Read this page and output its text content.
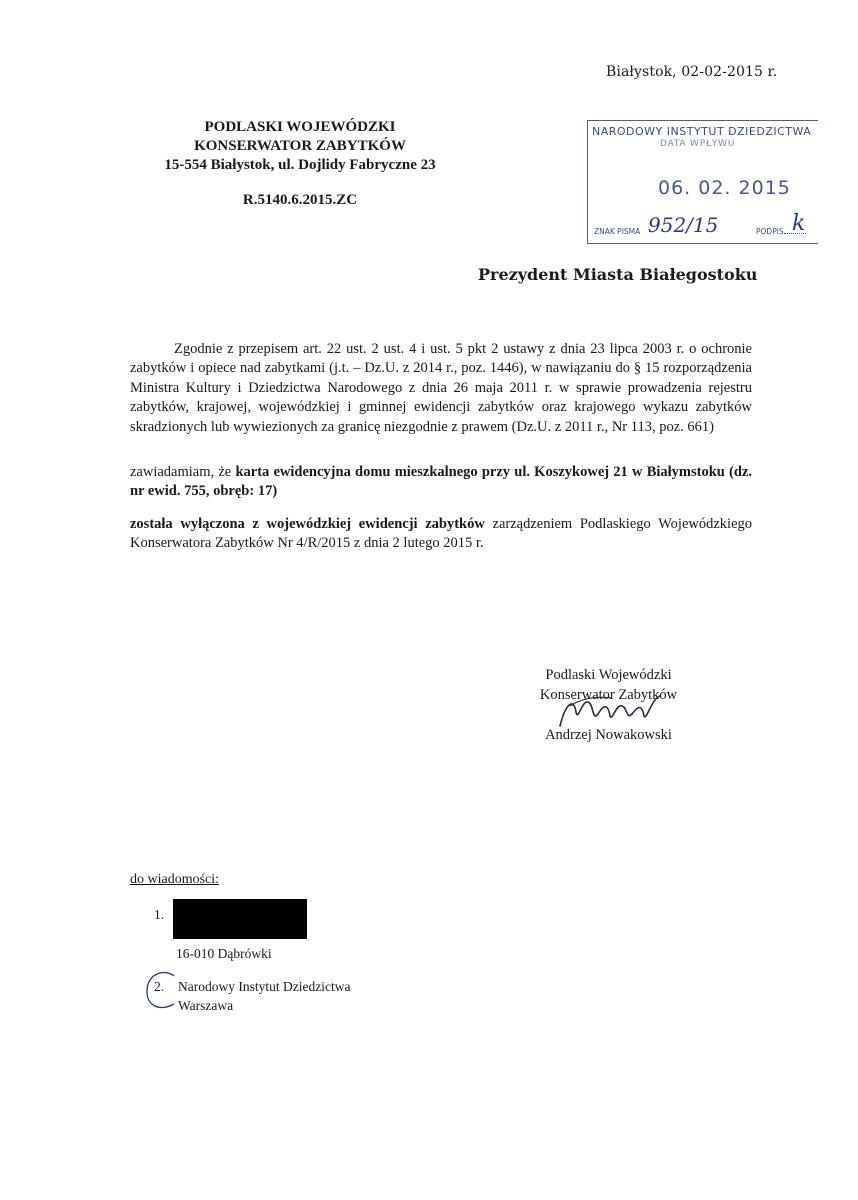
Białystok, 02-02-2015 r.
PODLASKI WOJEWÓDZKI
KONSERWATOR ZABYTKÓW
15-554 Białystok, ul. Dojlidy Fabryczne 23
R.5140.6.2015.ZC
NARODOWY INSTYTUT DZIEDZICTWA
DATA WPŁYWU
06. 02. 2015
ZNAK PISMA 952/15	PODPIS k
Prezydent Miasta Białegostoku
Zgodnie z przepisem art. 22 ust. 2 ust. 4 i ust. 5 pkt 2 ustawy z dnia 23 lipca 2003 r. o ochronie zabytków i opiece nad zabytkami (j.t. – Dz.U. z 2014 r., poz. 1446), w nawiązaniu do § 15 rozporządzenia Ministra Kultury i Dziedzictwa Narodowego z dnia 26 maja 2011 r. w sprawie prowadzenia rejestru zabytków, krajowej, wojewódzkiej i gminnej ewidencji zabytków oraz krajowego wykazu zabytków skradzionych lub wywiezionych za granicę niezgodnie z prawem (Dz.U. z 2011 r., Nr 113, poz. 661)
zawiadamiam, że karta ewidencyjna domu mieszkalnego przy ul. Koszykowej 21 w Białymstoku (dz. nr ewid. 755, obręb: 17)
została wyłączona z wojewódzkiej ewidencji zabytków zarządzeniem Podlaskiego Wojewódzkiego Konserwatora Zabytków Nr 4/R/2015 z dnia 2 lutego 2015 r.
Podlaski Wojewódzki
Konserwator Zabytków
Andrzej Nowakowski
do wiadomości:
1.
16-010 Dąbrówki
2. Narodowy Instytut Dziedzictwa
Warszawa
